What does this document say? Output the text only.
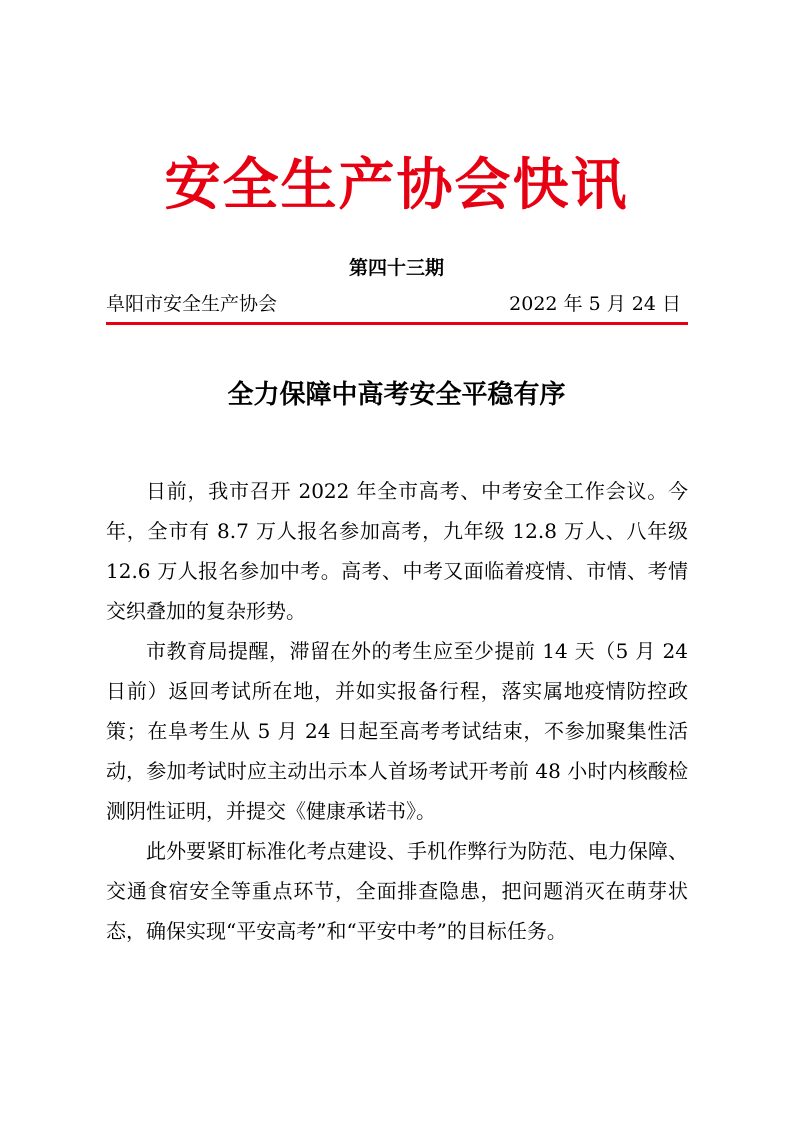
安全生产协会快讯
第四十三期
阜阳市安全生产协会	2022 年 5 月 24 日
全力保障中高考安全平稳有序

日前，我市召开 2022 年全市高考、中考安全工作会议。今年，全市有 8.7 万人报名参加高考，九年级 12.8 万人、八年级 12.6 万人报名参加中考。高考、中考又面临着疫情、市情、考情交织叠加的复杂形势。

市教育局提醒，滞留在外的考生应至少提前 14 天（5 月 24 日前）返回考试所在地，并如实报备行程，落实属地疫情防控政策；在阜考生从 5 月 24 日起至高考考试结束，不参加聚集性活动，参加考试时应主动出示本人首场考试开考前 48 小时内核酸检测阴性证明，并提交《健康承诺书》。

此外要紧盯标准化考点建设、手机作弊行为防范、电力保障、交通食宿安全等重点环节，全面排查隐患，把问题消灭在萌芽状态，确保实现“平安高考”和“平安中考”的目标任务。
